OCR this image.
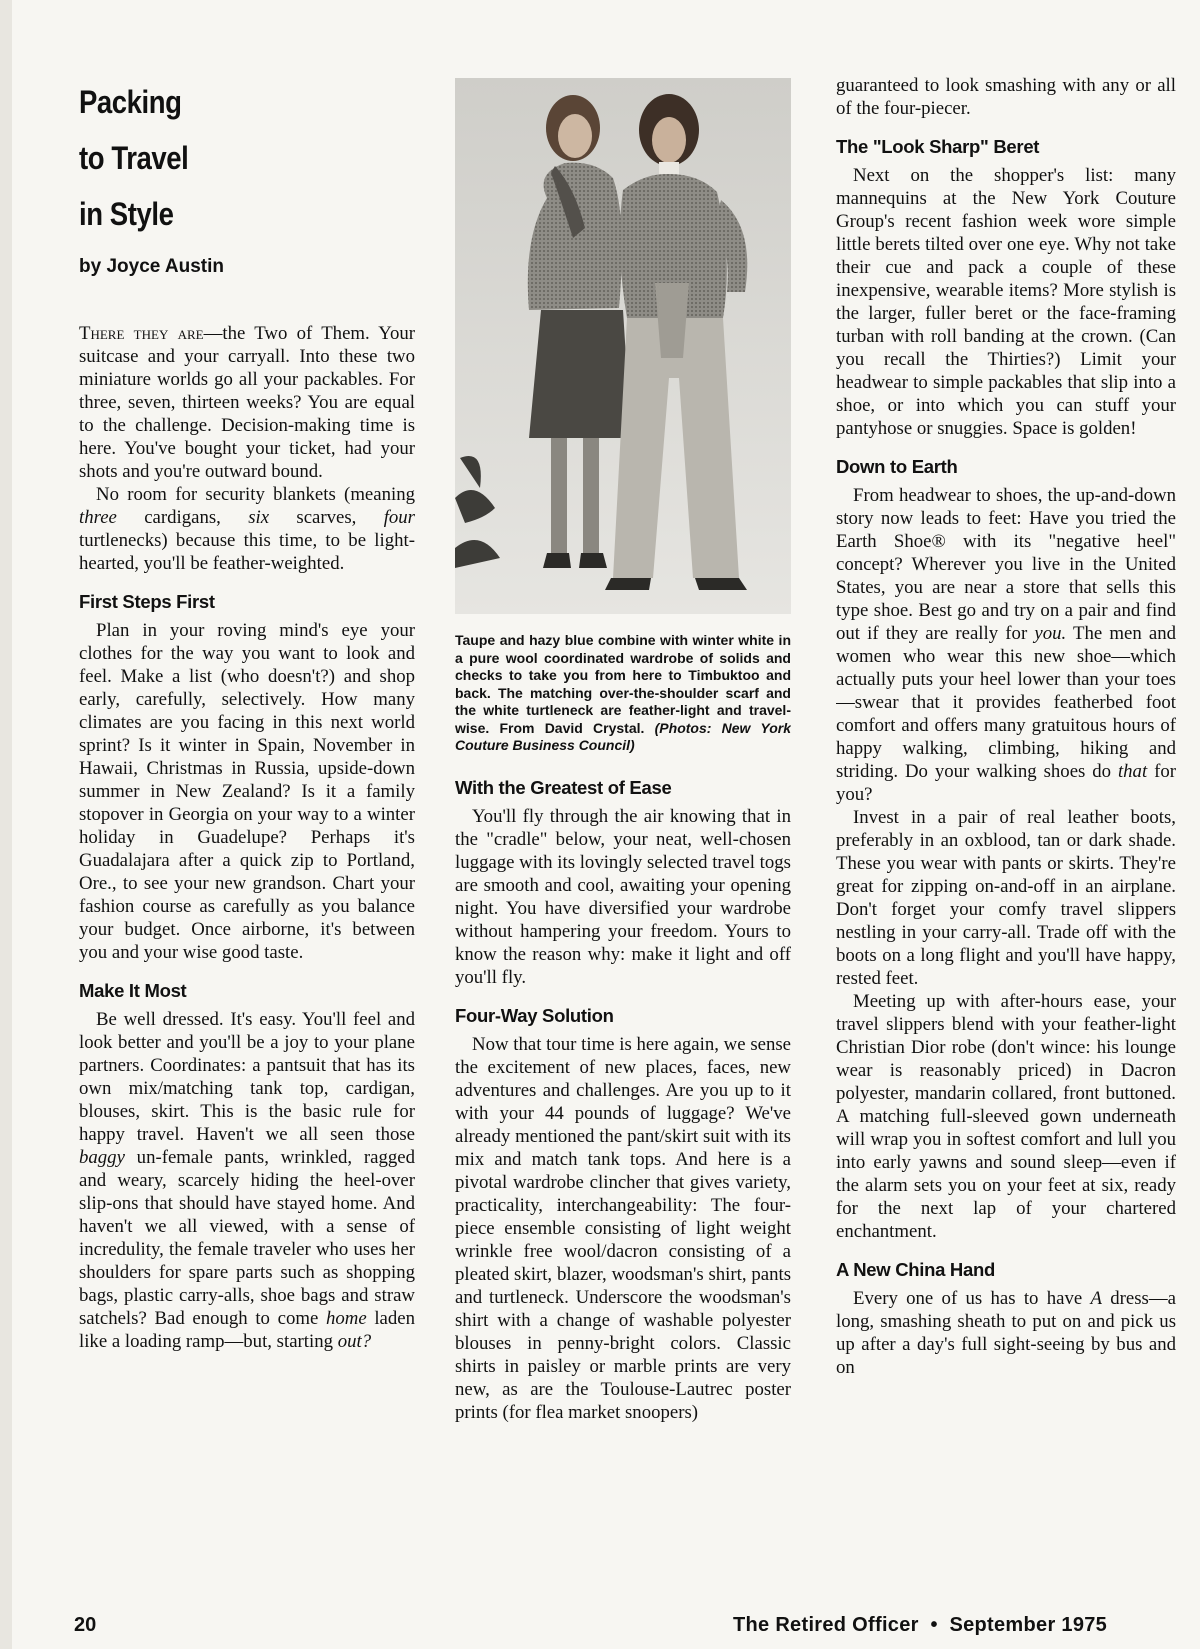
Packing
to Travel
in Style
by Joyce Austin

There they are—the Two of Them. Your suitcase and your carryall. Into these two miniature worlds go all your packables. For three, seven, thirteen weeks? You are equal to the challenge. Decision-making time is here. You've bought your ticket, had your shots and you're outward bound.

No room for security blankets (meaning three cardigans, six scarves, four turtlenecks) because this time, to be light-hearted, you'll be feather-weighted.

First Steps First

Plan in your roving mind's eye your clothes for the way you want to look and feel. Make a list (who doesn't?) and shop early, carefully, selectively. How many climates are you facing in this next world sprint? Is it winter in Spain, November in Hawaii, Christmas in Russia, upside-down summer in New Zealand? Is it a family stopover in Georgia on your way to a winter holiday in Guadelupe? Perhaps it's Guadalajara after a quick zip to Portland, Ore., to see your new grandson. Chart your fashion course as carefully as you balance your budget. Once airborne, it's between you and your wise good taste.

Make It Most

Be well dressed. It's easy. You'll feel and look better and you'll be a joy to your plane partners. Coordinates: a pantsuit that has its own mix/matching tank top, cardigan, blouses, skirt. This is the basic rule for happy travel. Haven't we all seen those baggy un-female pants, wrinkled, ragged and weary, scarcely hiding the heel-over slip-ons that should have stayed home. And haven't we all viewed, with a sense of incredulity, the female traveler who uses her shoulders for spare parts such as shopping bags, plastic carry-alls, shoe bags and straw satchels? Bad enough to come home laden like a loading ramp—but, starting out?

Taupe and hazy blue combine with winter white in a pure wool coordinated wardrobe of solids and checks to take you from here to Timbuktoo and back. The matching over-the-shoulder scarf and the white turtleneck are feather-light and travel-wise. From David Crystal. (Photos: New York Couture Business Council)
With the Greatest of Ease

You'll fly through the air knowing that in the "cradle" below, your neat, well-chosen luggage with its lovingly selected travel togs are smooth and cool, awaiting your opening night. You have diversified your wardrobe without hampering your freedom. Yours to know the reason why: make it light and off you'll fly.

Four-Way Solution

Now that tour time is here again, we sense the excitement of new places, faces, new adventures and challenges. Are you up to it with your 44 pounds of luggage? We've already mentioned the pant/skirt suit with its mix and match tank tops. And here is a pivotal wardrobe clincher that gives variety, practicality, interchangeability: The four-piece ensemble consisting of light weight wrinkle free wool/dacron consisting of a pleated skirt, blazer, woodsman's shirt, pants and turtleneck. Underscore the woodsman's shirt with a change of washable polyester blouses in penny-bright colors. Classic shirts in paisley or marble prints are very new, as are the Toulouse-Lautrec poster prints (for flea market snoopers)

guaranteed to look smashing with any or all of the four-piecer.

The "Look Sharp" Beret

Next on the shopper's list: many mannequins at the New York Couture Group's recent fashion week wore simple little berets tilted over one eye. Why not take their cue and pack a couple of these inexpensive, wearable items? More stylish is the larger, fuller beret or the face-framing turban with roll banding at the crown. (Can you recall the Thirties?) Limit your headwear to simple packables that slip into a shoe, or into which you can stuff your pantyhose or snuggies. Space is golden!

Down to Earth

From headwear to shoes, the up-and-down story now leads to feet: Have you tried the Earth Shoe® with its "negative heel" concept? Wherever you live in the United States, you are near a store that sells this type shoe. Best go and try on a pair and find out if they are really for you. The men and women who wear this new shoe—which actually puts your heel lower than your toes—swear that it provides featherbed foot comfort and offers many gratuitous hours of happy walking, climbing, hiking and striding. Do your walking shoes do that for you?

Invest in a pair of real leather boots, preferably in an oxblood, tan or dark shade. These you wear with pants or skirts. They're great for zipping on-and-off in an airplane. Don't forget your comfy travel slippers nestling in your carry-all. Trade off with the boots on a long flight and you'll have happy, rested feet.

Meeting up with after-hours ease, your travel slippers blend with your feather-light Christian Dior robe (don't wince: his lounge wear is reasonably priced) in Dacron polyester, mandarin collared, front buttoned. A matching full-sleeved gown underneath will wrap you in softest comfort and lull you into early yawns and sound sleep—even if the alarm sets you on your feet at six, ready for the next lap of your chartered enchantment.

A New China Hand

Every one of us has to have A dress—a long, smashing sheath to put on and pick us up after a day's full sight-seeing by bus and on

20	The Retired Officer  •  September 1975
